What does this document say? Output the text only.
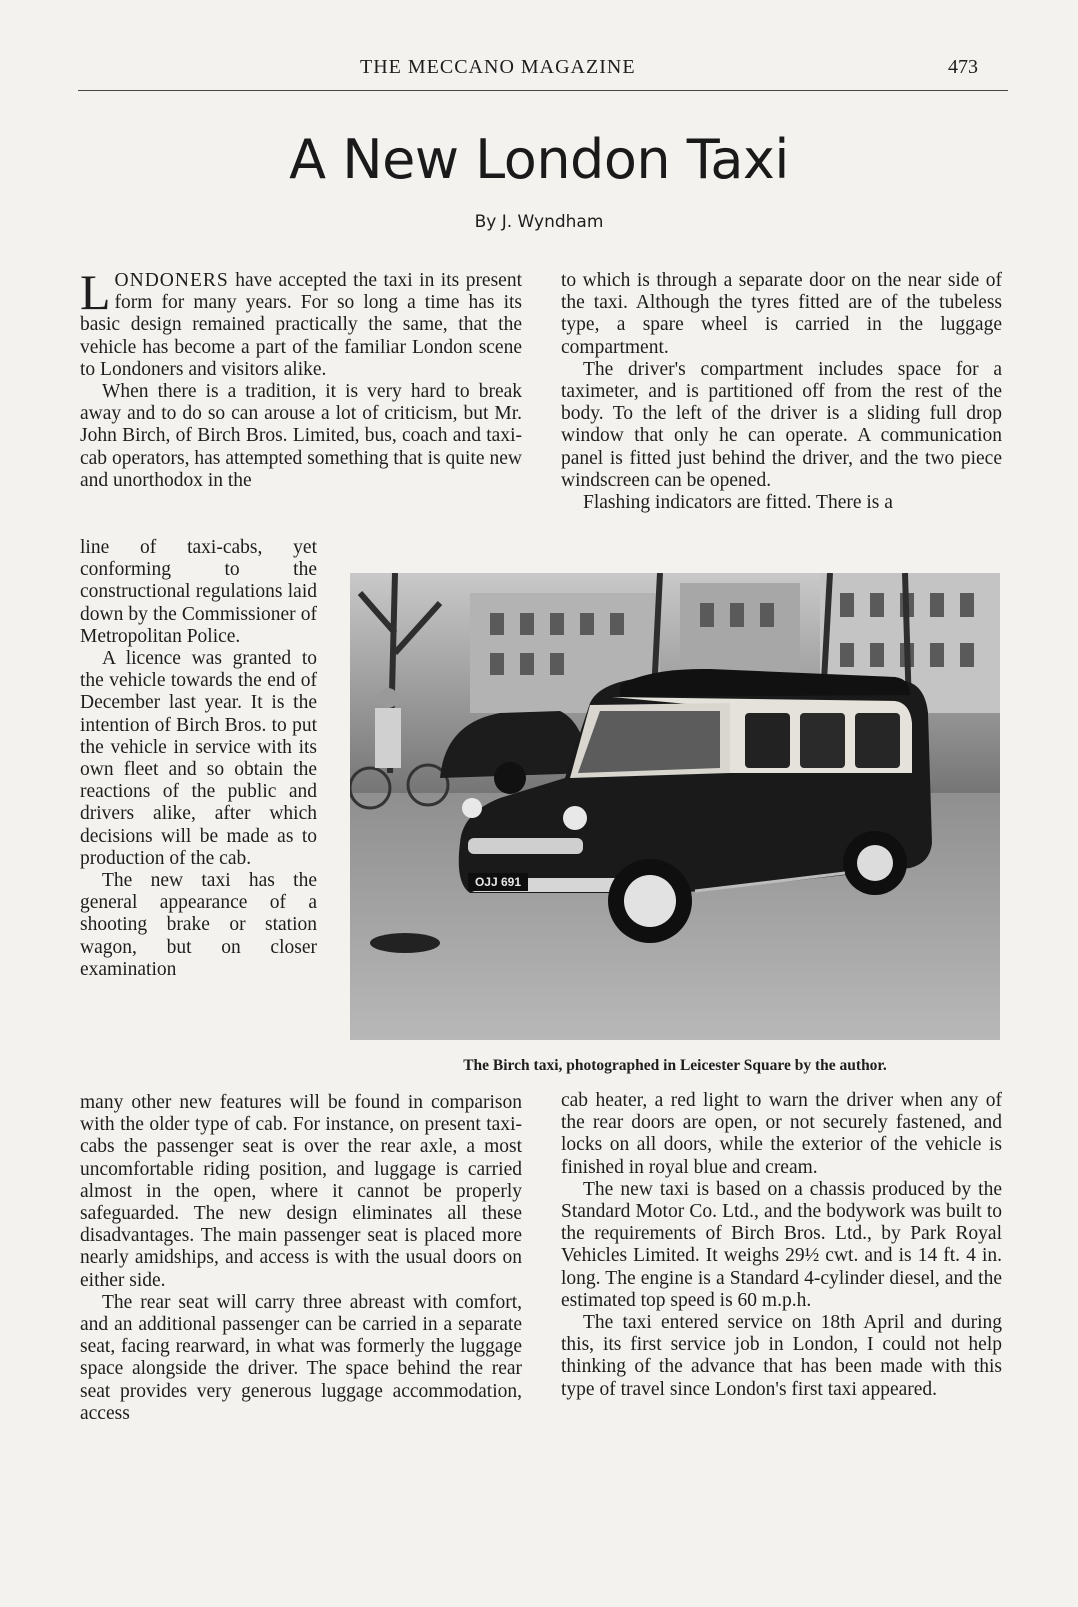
THE MECCANO MAGAZINE	473
A New London Taxi
By J. Wyndham

LONDONERS have accepted the taxi in its present form for many years. For so long a time has its basic design remained practically the same, that the vehicle has become a part of the familiar London scene to Londoners and visitors alike.

When there is a tradition, it is very hard to break away and to do so can arouse a lot of criticism, but Mr. John Birch, of Birch Bros. Limited, bus, coach and taxi-cab operators, has attempted something that is quite new and unorthodox in the

line of taxi-cabs, yet conforming to the constructional regulations laid down by the Commissioner of Metropolitan Police.

A licence was granted to the vehicle towards the end of December last year. It is the intention of Birch Bros. to put the vehicle in service with its own fleet and so obtain the reactions of the public and drivers alike, after which decisions will be made as to production of the cab.

The new taxi has the general appearance of a shooting brake or station wagon, but on closer examination

many other new features will be found in comparison with the older type of cab. For instance, on present taxi-cabs the passenger seat is over the rear axle, a most uncomfortable riding position, and luggage is carried almost in the open, where it cannot be properly safeguarded. The new design eliminates all these disadvantages. The main passenger seat is placed more nearly amidships, and access is with the usual doors on either side.

The rear seat will carry three abreast with comfort, and an additional passenger can be carried in a separate seat, facing rearward, in what was formerly the luggage space alongside the driver. The space behind the rear seat provides very generous luggage accommodation, access

to which is through a separate door on the near side of the taxi. Although the tyres fitted are of the tubeless type, a spare wheel is carried in the luggage compartment.

The driver's compartment includes space for a taximeter, and is partitioned off from the rest of the body. To the left of the driver is a sliding full drop window that only he can operate. A communication panel is fitted just behind the driver, and the two piece windscreen can be opened.

Flashing indicators are fitted. There is a

OJJ 691
The Birch taxi, photographed in Leicester Square by the author.

cab heater, a red light to warn the driver when any of the rear doors are open, or not securely fastened, and locks on all doors, while the exterior of the vehicle is finished in royal blue and cream.

The new taxi is based on a chassis produced by the Standard Motor Co. Ltd., and the bodywork was built to the requirements of Birch Bros. Ltd., by Park Royal Vehicles Limited. It weighs 29½ cwt. and is 14 ft. 4 in. long. The engine is a Standard 4-cylinder diesel, and the estimated top speed is 60 m.p.h.

The taxi entered service on 18th April and during this, its first service job in London, I could not help thinking of the advance that has been made with this type of travel since London's first taxi appeared.
